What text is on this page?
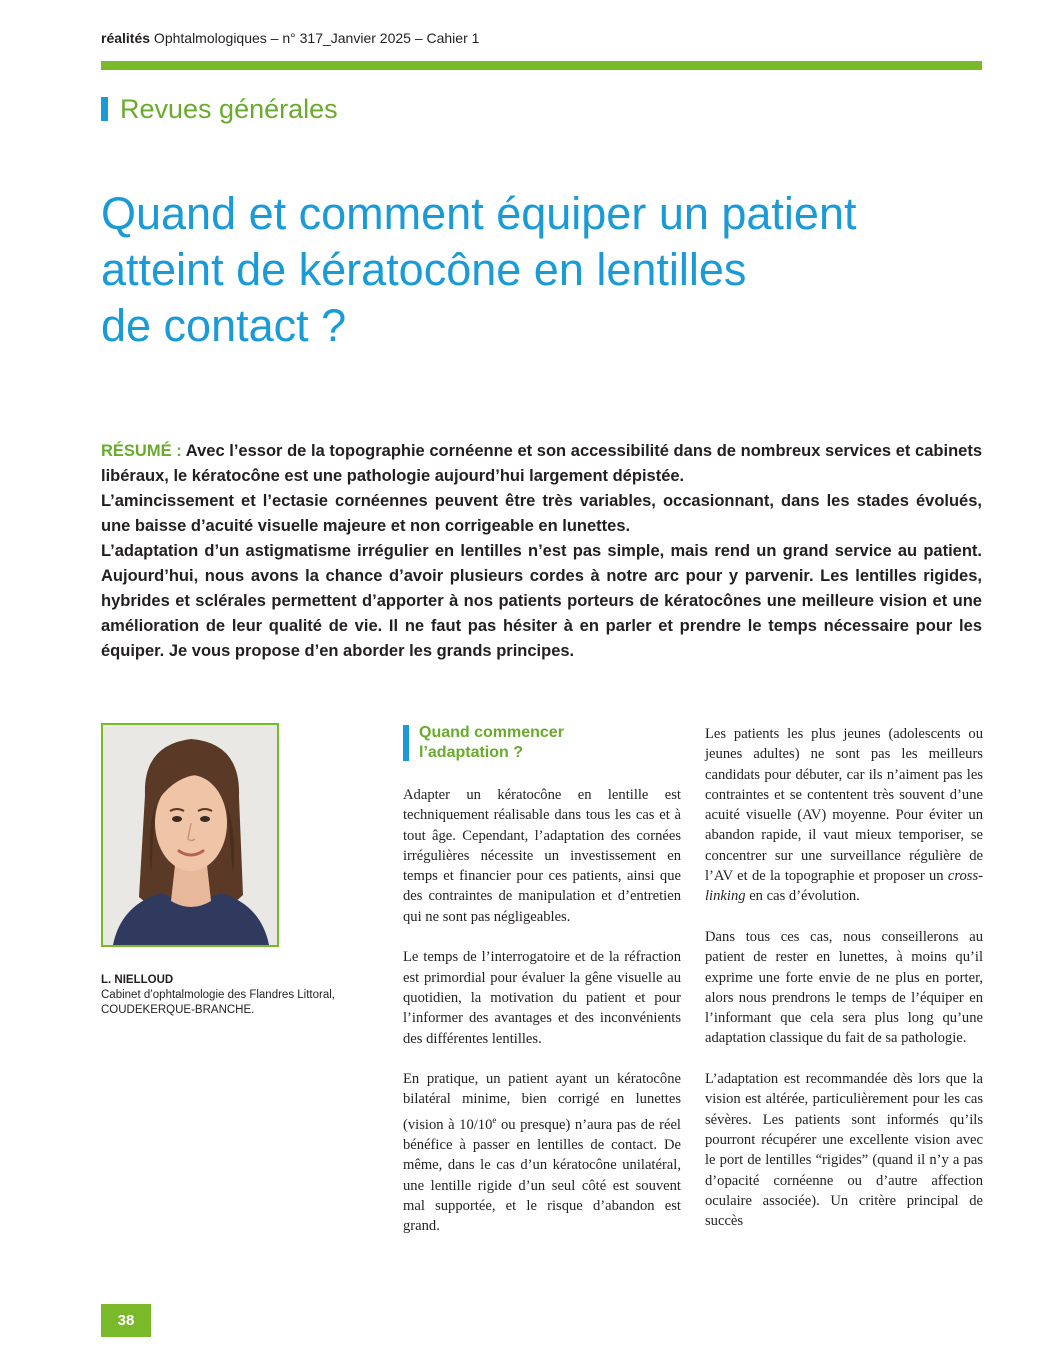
réalités Ophtalmologiques – n° 317_Janvier 2025 – Cahier 1
Revues générales
Quand et comment équiper un patient
atteint de kératocône en lentilles
de contact ?

RÉSUMÉ : Avec l’essor de la topographie cornéenne et son accessibilité dans de nombreux services et cabinets libéraux, le kératocône est une pathologie aujourd’hui largement dépistée.

L’amincissement et l’ectasie cornéennes peuvent être très variables, occasionnant, dans les stades évolués, une baisse d’acuité visuelle majeure et non corrigeable en lunettes.

L’adaptation d’un astigmatisme irrégulier en lentilles n’est pas simple, mais rend un grand service au patient. Aujourd’hui, nous avons la chance d’avoir plusieurs cordes à notre arc pour y parvenir. Les lentilles rigides, hybrides et sclérales permettent d’apporter à nos patients porteurs de kératocônes une meilleure vision et une amélioration de leur qualité de vie. Il ne faut pas hésiter à en parler et prendre le temps nécessaire pour les équiper. Je vous propose d’en aborder les grands principes.

L. NIELLOUD
Cabinet d’ophtalmologie des Flandres Littoral,
COUDEKERQUE-BRANCHE.
Quand commencer
l’adaptation ?

Adapter un kératocône en lentille est techniquement réalisable dans tous les cas et à tout âge. Cependant, l’adaptation des cornées irrégulières nécessite un investissement en temps et financier pour ces patients, ainsi que des contraintes de manipulation et d’entretien qui ne sont pas négligeables.

Le temps de l’interrogatoire et de la réfraction est primordial pour évaluer la gêne visuelle au quotidien, la motivation du patient et pour l’informer des avantages et des inconvénients des différentes lentilles.

En pratique, un patient ayant un kératocône bilatéral minime, bien corrigé en lunettes (vision à 10/10e ou presque) n’aura pas de réel bénéfice à passer en lentilles de contact. De même, dans le cas d’un kératocône unilatéral, une lentille rigide d’un seul côté est souvent mal supportée, et le risque d’abandon est grand.

Les patients les plus jeunes (adolescents ou jeunes adultes) ne sont pas les meilleurs candidats pour débuter, car ils n’aiment pas les contraintes et se contentent très souvent d’une acuité visuelle (AV) moyenne. Pour éviter un abandon rapide, il vaut mieux temporiser, se concentrer sur une surveillance régulière de l’AV et de la topographie et proposer un cross-linking en cas d’évolution.

Dans tous ces cas, nous conseillerons au patient de rester en lunettes, à moins qu’il exprime une forte envie de ne plus en porter, alors nous prendrons le temps de l’équiper en l’informant que cela sera plus long qu’une adaptation classique du fait de sa pathologie.

L’adaptation est recommandée dès lors que la vision est altérée, particulièrement pour les cas sévères. Les patients sont informés qu’ils pourront récupérer une excellente vision avec le port de lentilles “rigides” (quand il n’y a pas d’opacité cornéenne ou d’autre affection oculaire associée). Un critère principal de succès

38
